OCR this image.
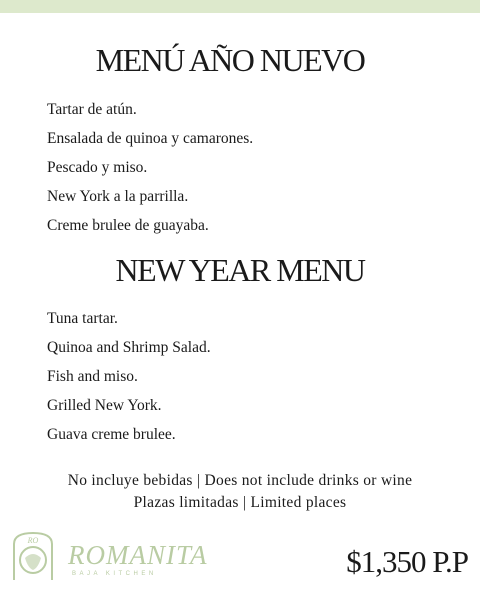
MENÚ AÑO NUEVO
Tartar de atún.
Ensalada de quinoa y camarones.
Pescado y miso.
New York a la parrilla.
Creme brulee de guayaba.
NEW YEAR MENU
Tuna tartar.
Quinoa and Shrimp Salad.
Fish and miso.
Grilled New York.
Guava creme brulee.
No incluye bebidas | Does not include drinks or wine
Plazas limitadas | Limited places
RO ROMANITA
BAJA KITCHEN	$1,350 P.P
